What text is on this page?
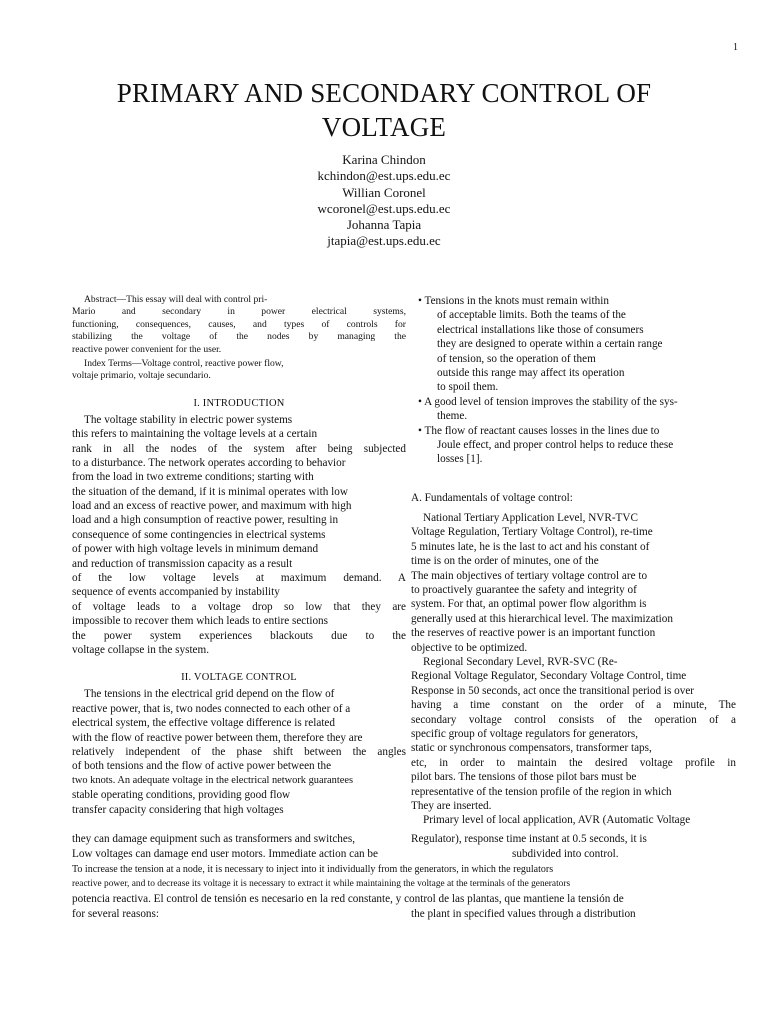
1
PRIMARY AND SECONDARY CONTROL OF
VOLTAGE
Karina Chindon
kchindon@est.ups.edu.ec
Willian Coronel
wcoronel@est.ups.edu.ec
Johanna Tapia
jtapia@est.ups.edu.ec
Abstract—This essay will deal with control pri-
Mario and secondary in power electrical systems,
functioning, consequences, causes, and types of controls for
stabilizing the voltage of the nodes by managing the
reactive power convenient for the user.
Index Terms—Voltage control, reactive power flow,
voltaje primario, voltaje secundario.
I. INTRODUCTION
The voltage stability in electric power systems
this refers to maintaining the voltage levels at a certain
rank in all the nodes of the system after being subjected
to a disturbance. The network operates according to behavior
from the load in two extreme conditions; starting with
the situation of the demand, if it is minimal operates with low
load and an excess of reactive power, and maximum with high
load and a high consumption of reactive power, resulting in
consequence of some contingencies in electrical systems
of power with high voltage levels in minimum demand
and reduction of transmission capacity as a result
of the low voltage levels at maximum demand. A
sequence of events accompanied by instability
of voltage leads to a voltage drop so low that they are
impossible to recover them which leads to entire sections
the power system experiences blackouts due to the
voltage collapse in the system.
II. VOLTAGE CONTROL
The tensions in the electrical grid depend on the flow of
reactive power, that is, two nodes connected to each other of a
electrical system, the effective voltage difference is related
with the flow of reactive power between them, therefore they are
relatively independent of the phase shift between the angles
of both tensions and the flow of active power between the
two knots. An adequate voltage in the electrical network guarantees
stable operating conditions, providing good flow
transfer capacity considering that high voltages
• Tensions in the knots must remain within
of acceptable limits. Both the teams of the
electrical installations like those of consumers
they are designed to operate within a certain range
of tension, so the operation of them
outside this range may affect its operation
to spoil them.
• A good level of tension improves the stability of the sys-
theme.
• The flow of reactant causes losses in the lines due to
Joule effect, and proper control helps to reduce these
losses [1].
A. Fundamentals of voltage control:
National Tertiary Application Level, NVR-TVC
Voltage Regulation, Tertiary Voltage Control), re-time
5 minutes late, he is the last to act and his constant of
time is on the order of minutes, one of the
The main objectives of tertiary voltage control are to
to proactively guarantee the safety and integrity of
system. For that, an optimal power flow algorithm is
generally used at this hierarchical level. The maximization
the reserves of reactive power is an important function
objective to be optimized.
Regional Secondary Level, RVR-SVC (Re-
Regional Voltage Regulator, Secondary Voltage Control, time
Response in 50 seconds, act once the transitional period is over
having a time constant on the order of a minute, The
secondary voltage control consists of the operation of a
specific group of voltage regulators for generators,
static or synchronous compensators, transformer taps,
etc, in order to maintain the desired voltage profile in
pilot bars. The tensions of those pilot bars must be
representative of the tension profile of the region in which
They are inserted.
Primary level of local application, AVR (Automatic Voltage
they can damage equipment such as transformers and switches,	Regulator), response time instant at 0.5 seconds, it is
Low voltages can damage end user motors. Immediate action can be	subdivided into control.
To increase the tension at a node, it is necessary to inject into it individually from the generators, in which the regulators
reactive power, and to decrease its voltage it is necessary to extract it while maintaining the voltage at the terminals of the generators
potencia reactiva. El control de tensión es necesario en la red constante, y control de las plantas, que mantiene la tensión de
for several reasons:	the plant in specified values through a distribution
